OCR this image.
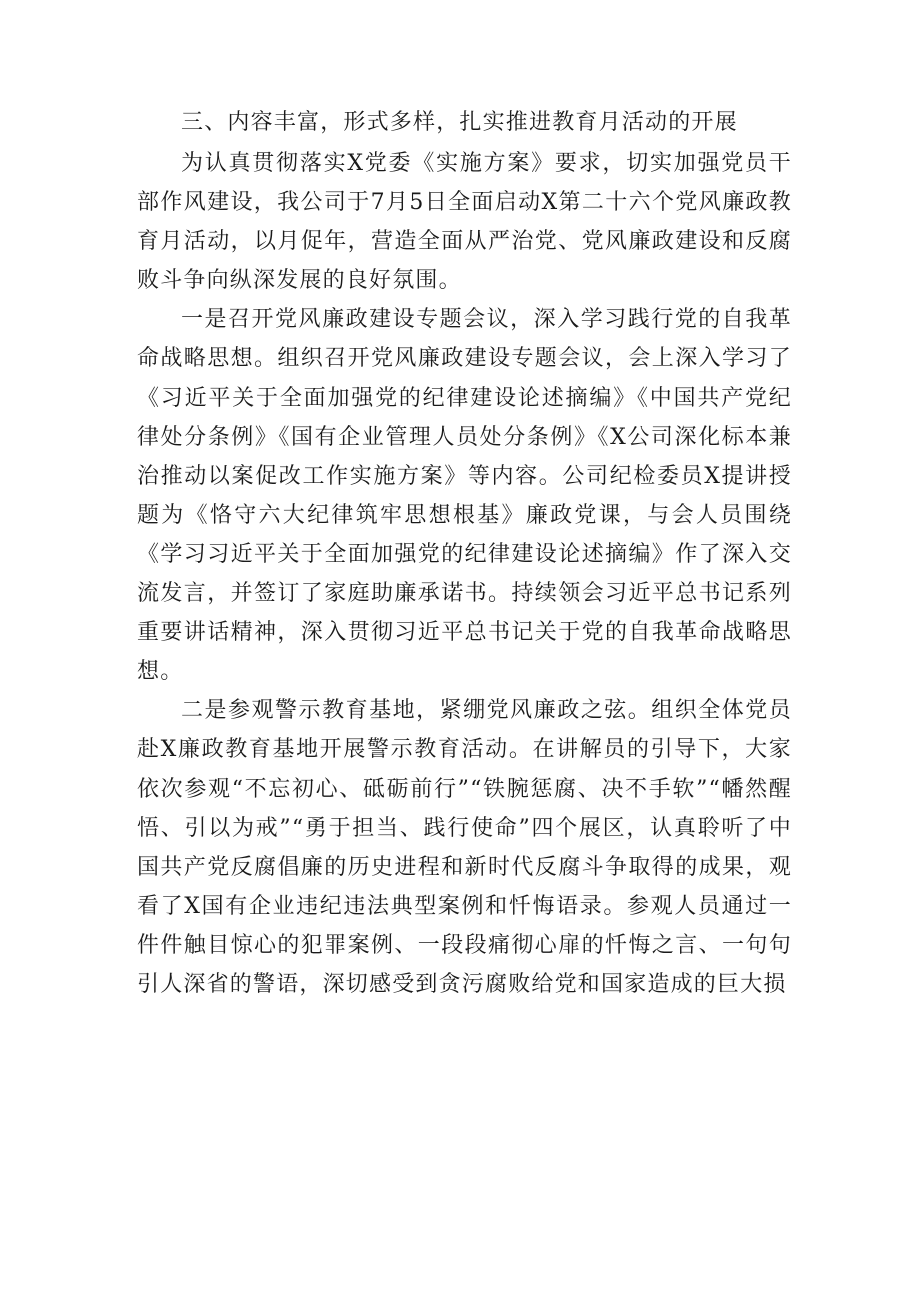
三、内容丰富，形式多样，扎实推进教育月活动的开展

为认真贯彻落实X党委《实施方案》要求，切实加强党员干部作风建设，我公司于7月5日全面启动X第二十六个党风廉政教育月活动，以月促年，营造全面从严治党、党风廉政建设和反腐败斗争向纵深发展的良好氛围。

一是召开党风廉政建设专题会议，深入学习践行党的自我革命战略思想。组织召开党风廉政建设专题会议，会上深入学习了《习近平关于全面加强党的纪律建设论述摘编》《中国共产党纪律处分条例》《国有企业管理人员处分条例》《X公司深化标本兼治推动以案促改工作实施方案》等内容。公司纪检委员X提讲授题为《恪守六大纪律筑牢思想根基》廉政党课，与会人员围绕《学习习近平关于全面加强党的纪律建设论述摘编》作了深入交流发言，并签订了家庭助廉承诺书。持续领会习近平总书记系列重要讲话精神，深入贯彻习近平总书记关于党的自我革命战略思想。

二是参观警示教育基地，紧绷党风廉政之弦。组织全体党员赴X廉政教育基地开展警示教育活动。在讲解员的引导下，大家依次参观“不忘初心、砥砺前行”“铁腕惩腐、决不手软”“幡然醒悟、引以为戒”“勇于担当、践行使命”四个展区，认真聆听了中国共产党反腐倡廉的历史进程和新时代反腐斗争取得的成果，观看了X国有企业违纪违法典型案例和忏悔语录。参观人员通过一件件触目惊心的犯罪案例、一段段痛彻心扉的忏悔之言、一句句引人深省的警语，深切感受到贪污腐败给党和国家造成的巨大损
